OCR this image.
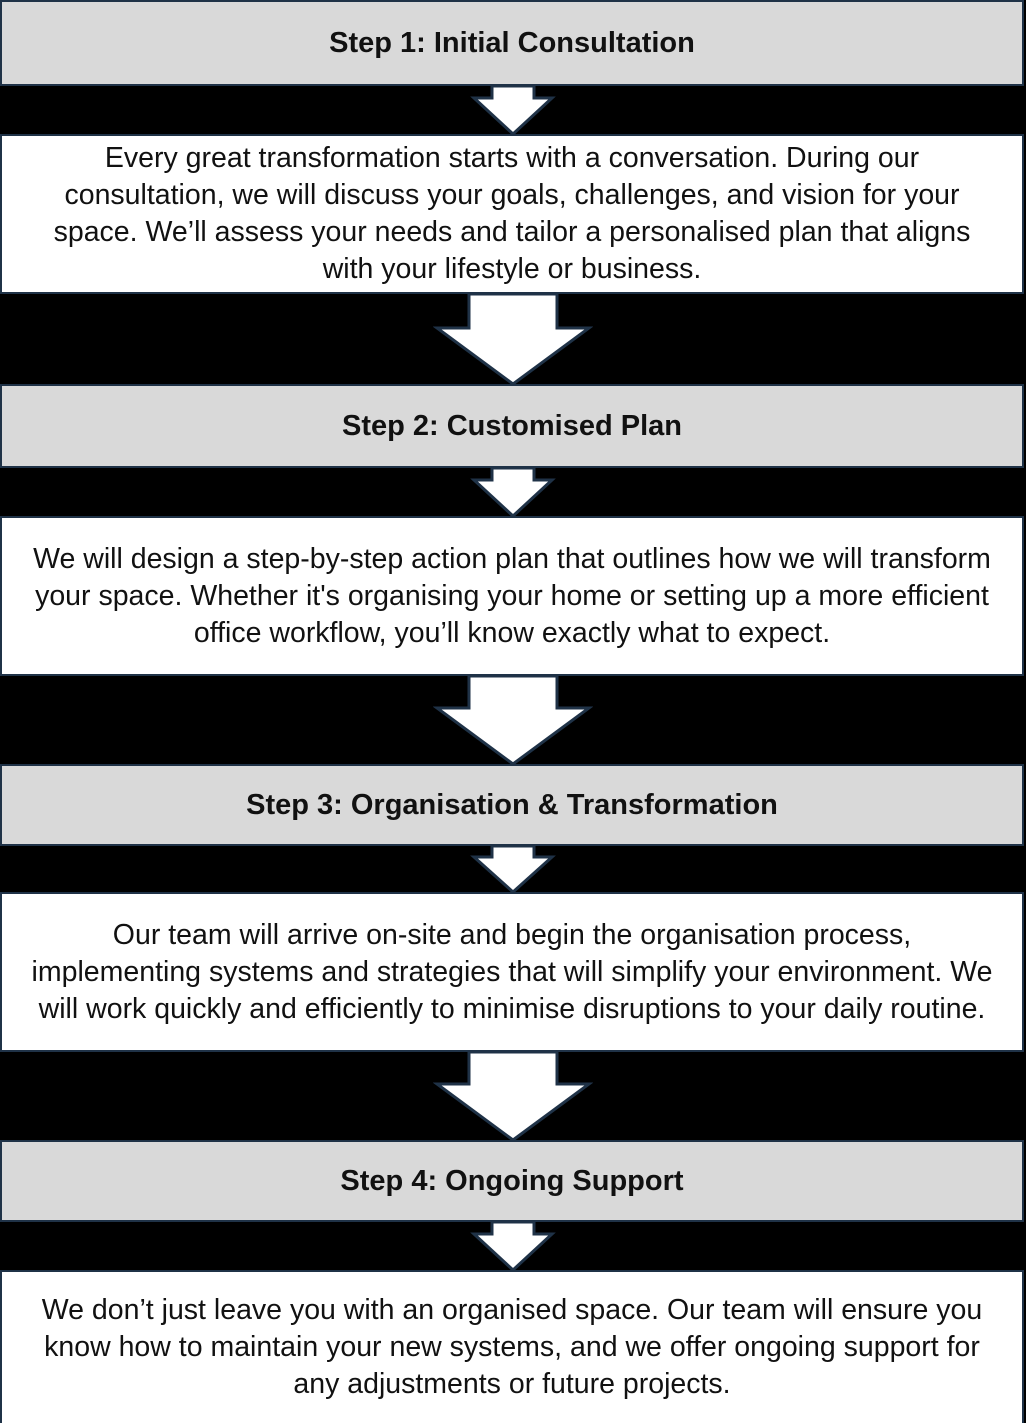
Step 1: Initial Consultation
Every great transformation starts with a conversation. During our consultation, we will discuss your goals, challenges, and vision for your space. We’ll assess your needs and tailor a personalised plan that aligns with your lifestyle or business.
Step 2: Customised Plan
We will design a step-by-step action plan that outlines how we will transform your space. Whether it's organising your home or setting up a more efficient office workflow, you’ll know exactly what to expect.
Step 3: Organisation & Transformation
Our team will arrive on-site and begin the organisation process, implementing systems and strategies that will simplify your environment. We will work quickly and efficiently to minimise disruptions to your daily routine.
Step 4: Ongoing Support
We don’t just leave you with an organised space. Our team will ensure you know how to maintain your new systems, and we offer ongoing support for any adjustments or future projects.
